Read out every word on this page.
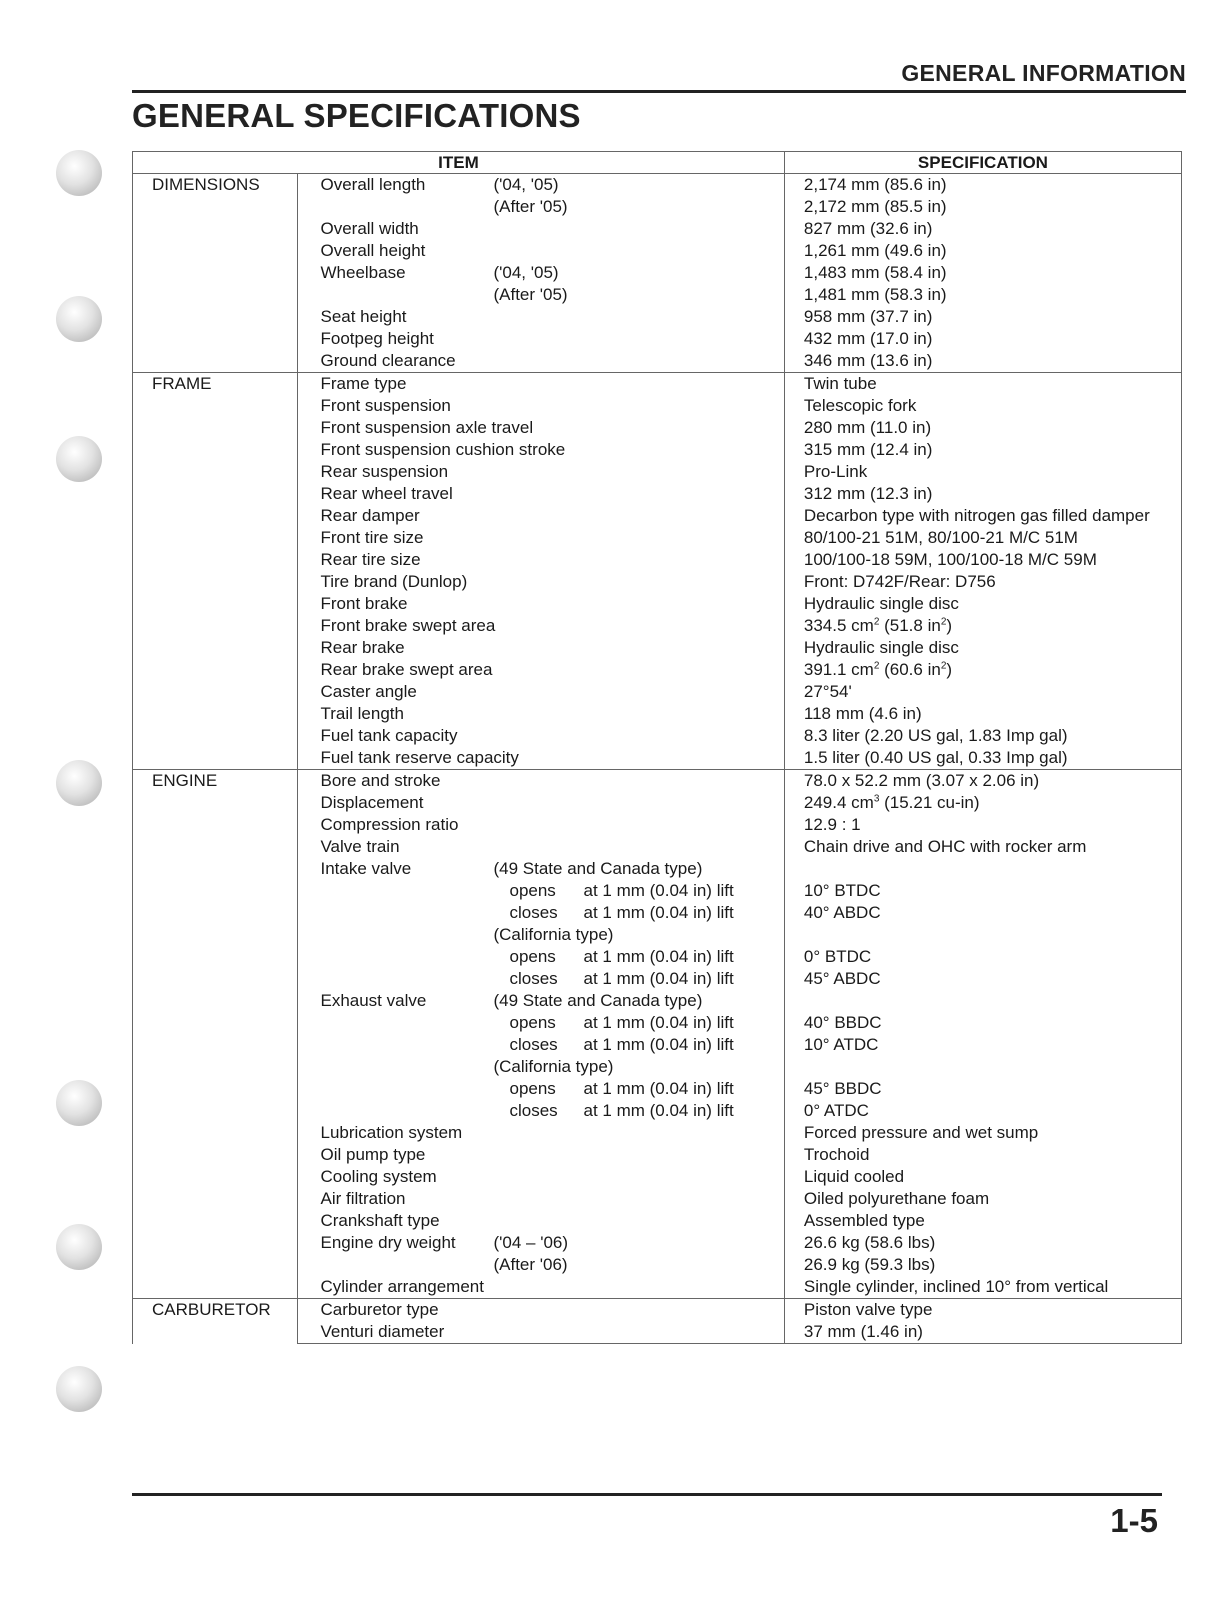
GENERAL INFORMATION
GENERAL SPECIFICATIONS
ITEM		SPECIFICATION

DIMENSIONS	Overall length ('04, '05)	2,174 mm (85.6 in)
	(After '05)	2,172 mm (85.5 in)
	Overall width	827 mm (32.6 in)
	Overall height	1,261 mm (49.6 in)
	Wheelbase ('04, '05)	1,483 mm (58.4 in)
	(After '05)	1,481 mm (58.3 in)
	Seat height	958 mm (37.7 in)
	Footpeg height	432 mm (17.0 in)
	Ground clearance	346 mm (13.6 in)

FRAME	Frame type	Twin tube
	Front suspension	Telescopic fork
	Front suspension axle travel	280 mm (11.0 in)
	Front suspension cushion stroke	315 mm (12.4 in)
	Rear suspension	Pro-Link
	Rear wheel travel	312 mm (12.3 in)
	Rear damper	Decarbon type with nitrogen gas filled damper
	Front tire size	80/100-21 51M, 80/100-21 M/C 51M
	Rear tire size	100/100-18 59M, 100/100-18 M/C 59M
	Tire brand (Dunlop)	Front: D742F/Rear: D756
	Front brake	Hydraulic single disc
	Front brake swept area	334.5 $cm^2$ (51.8 $in^2$)
	Rear brake	Hydraulic single disc
	Rear brake swept area	391.1 $cm^2$ (60.6 $in^2$)
	Caster angle	27°54'
	Trail length	118 mm (4.6 in)
	Fuel tank capacity	8.3 liter (2.20 US gal, 1.83 Imp gal)
	Fuel tank reserve capacity	1.5 liter (0.40 US gal, 0.33 Imp gal)

ENGINE	Bore and stroke	78.0 x 52.2 mm (3.07 x 2.06 in)
	Displacement	249.4 $cm^3$ (15.21 cu-in)
	Compression ratio	12.9 : 1
	Valve train	Chain drive and OHC with rocker arm
	Intake valve (49 State and Canada type)	
	opens at 1 mm (0.04 in) lift	10° BTDC
	closes at 1 mm (0.04 in) lift	40° ABDC
	(California type)	
	opens at 1 mm (0.04 in) lift	0° BTDC
	closes at 1 mm (0.04 in) lift	45° ABDC
	Exhaust valve (49 State and Canada type)	
	opens at 1 mm (0.04 in) lift	40° BBDC
	closes at 1 mm (0.04 in) lift	10° ATDC
	(California type)	
	opens at 1 mm (0.04 in) lift	45° BBDC
	closes at 1 mm (0.04 in) lift	0° ATDC
	Lubrication system	Forced pressure and wet sump
	Oil pump type	Trochoid
	Cooling system	Liquid cooled
	Air filtration	Oiled polyurethane foam
	Crankshaft type	Assembled type
	Engine dry weight ('04 – '06)	26.6 kg (58.6 lbs)
	(After '06)	26.9 kg (59.3 lbs)
	Cylinder arrangement	Single cylinder, inclined 10° from vertical

CARBURETOR	Carburetor type	Piston valve type
	Venturi diameter	37 mm (1.46 in)
1-5
